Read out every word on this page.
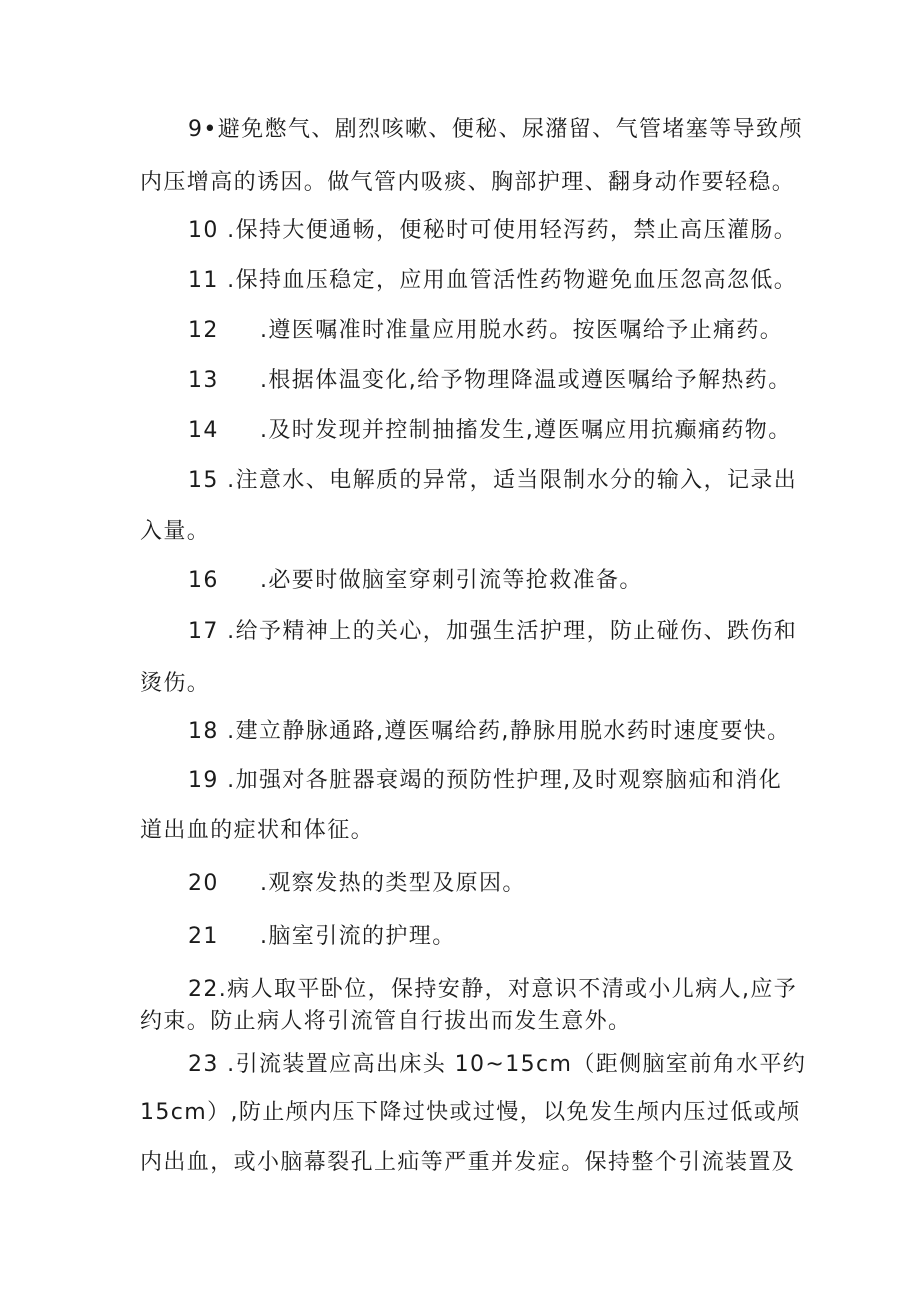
9•避免憋气、剧烈咳嗽、便秘、尿潴留、气管堵塞等导致颅
内压增高的诱因。做气管内吸痰、胸部护理、翻身动作要轻稳。
10 .保持大便通畅，便秘时可使用轻泻药，禁止高压灌肠。
11 .保持血压稳定，应用血管活性药物避免血压忽高忽低。
12 .遵医嘱准时准量应用脱水药。按医嘱给予止痛药。
13 .根据体温变化,给予物理降温或遵医嘱给予解热药。
14 .及时发现并控制抽搐发生,遵医嘱应用抗癫痛药物。
15 .注意水、电解质的异常，适当限制水分的输入，记录出
入量。
16 .必要时做脑室穿刺引流等抢救准备。
17 .给予精神上的关心，加强生活护理，防止碰伤、跌伤和
烫伤。
18 .建立静脉通路,遵医嘱给药,静脉用脱水药时速度要快。
19 .加强对各脏器衰竭的预防性护理,及时观察脑疝和消化
道出血的症状和体征。
20 .观察发热的类型及原因。
21 .脑室引流的护理。
22.病人取平卧位，保持安静，对意识不清或小儿病人,应予
约束。防止病人将引流管自行拔出而发生意外。
23 .引流装置应高出床头 10~15cm（距侧脑室前角水平约
15cm）,防止颅内压下降过快或过慢，以免发生颅内压过低或颅
内出血，或小脑幕裂孔上疝等严重并发症。保持整个引流装置及
